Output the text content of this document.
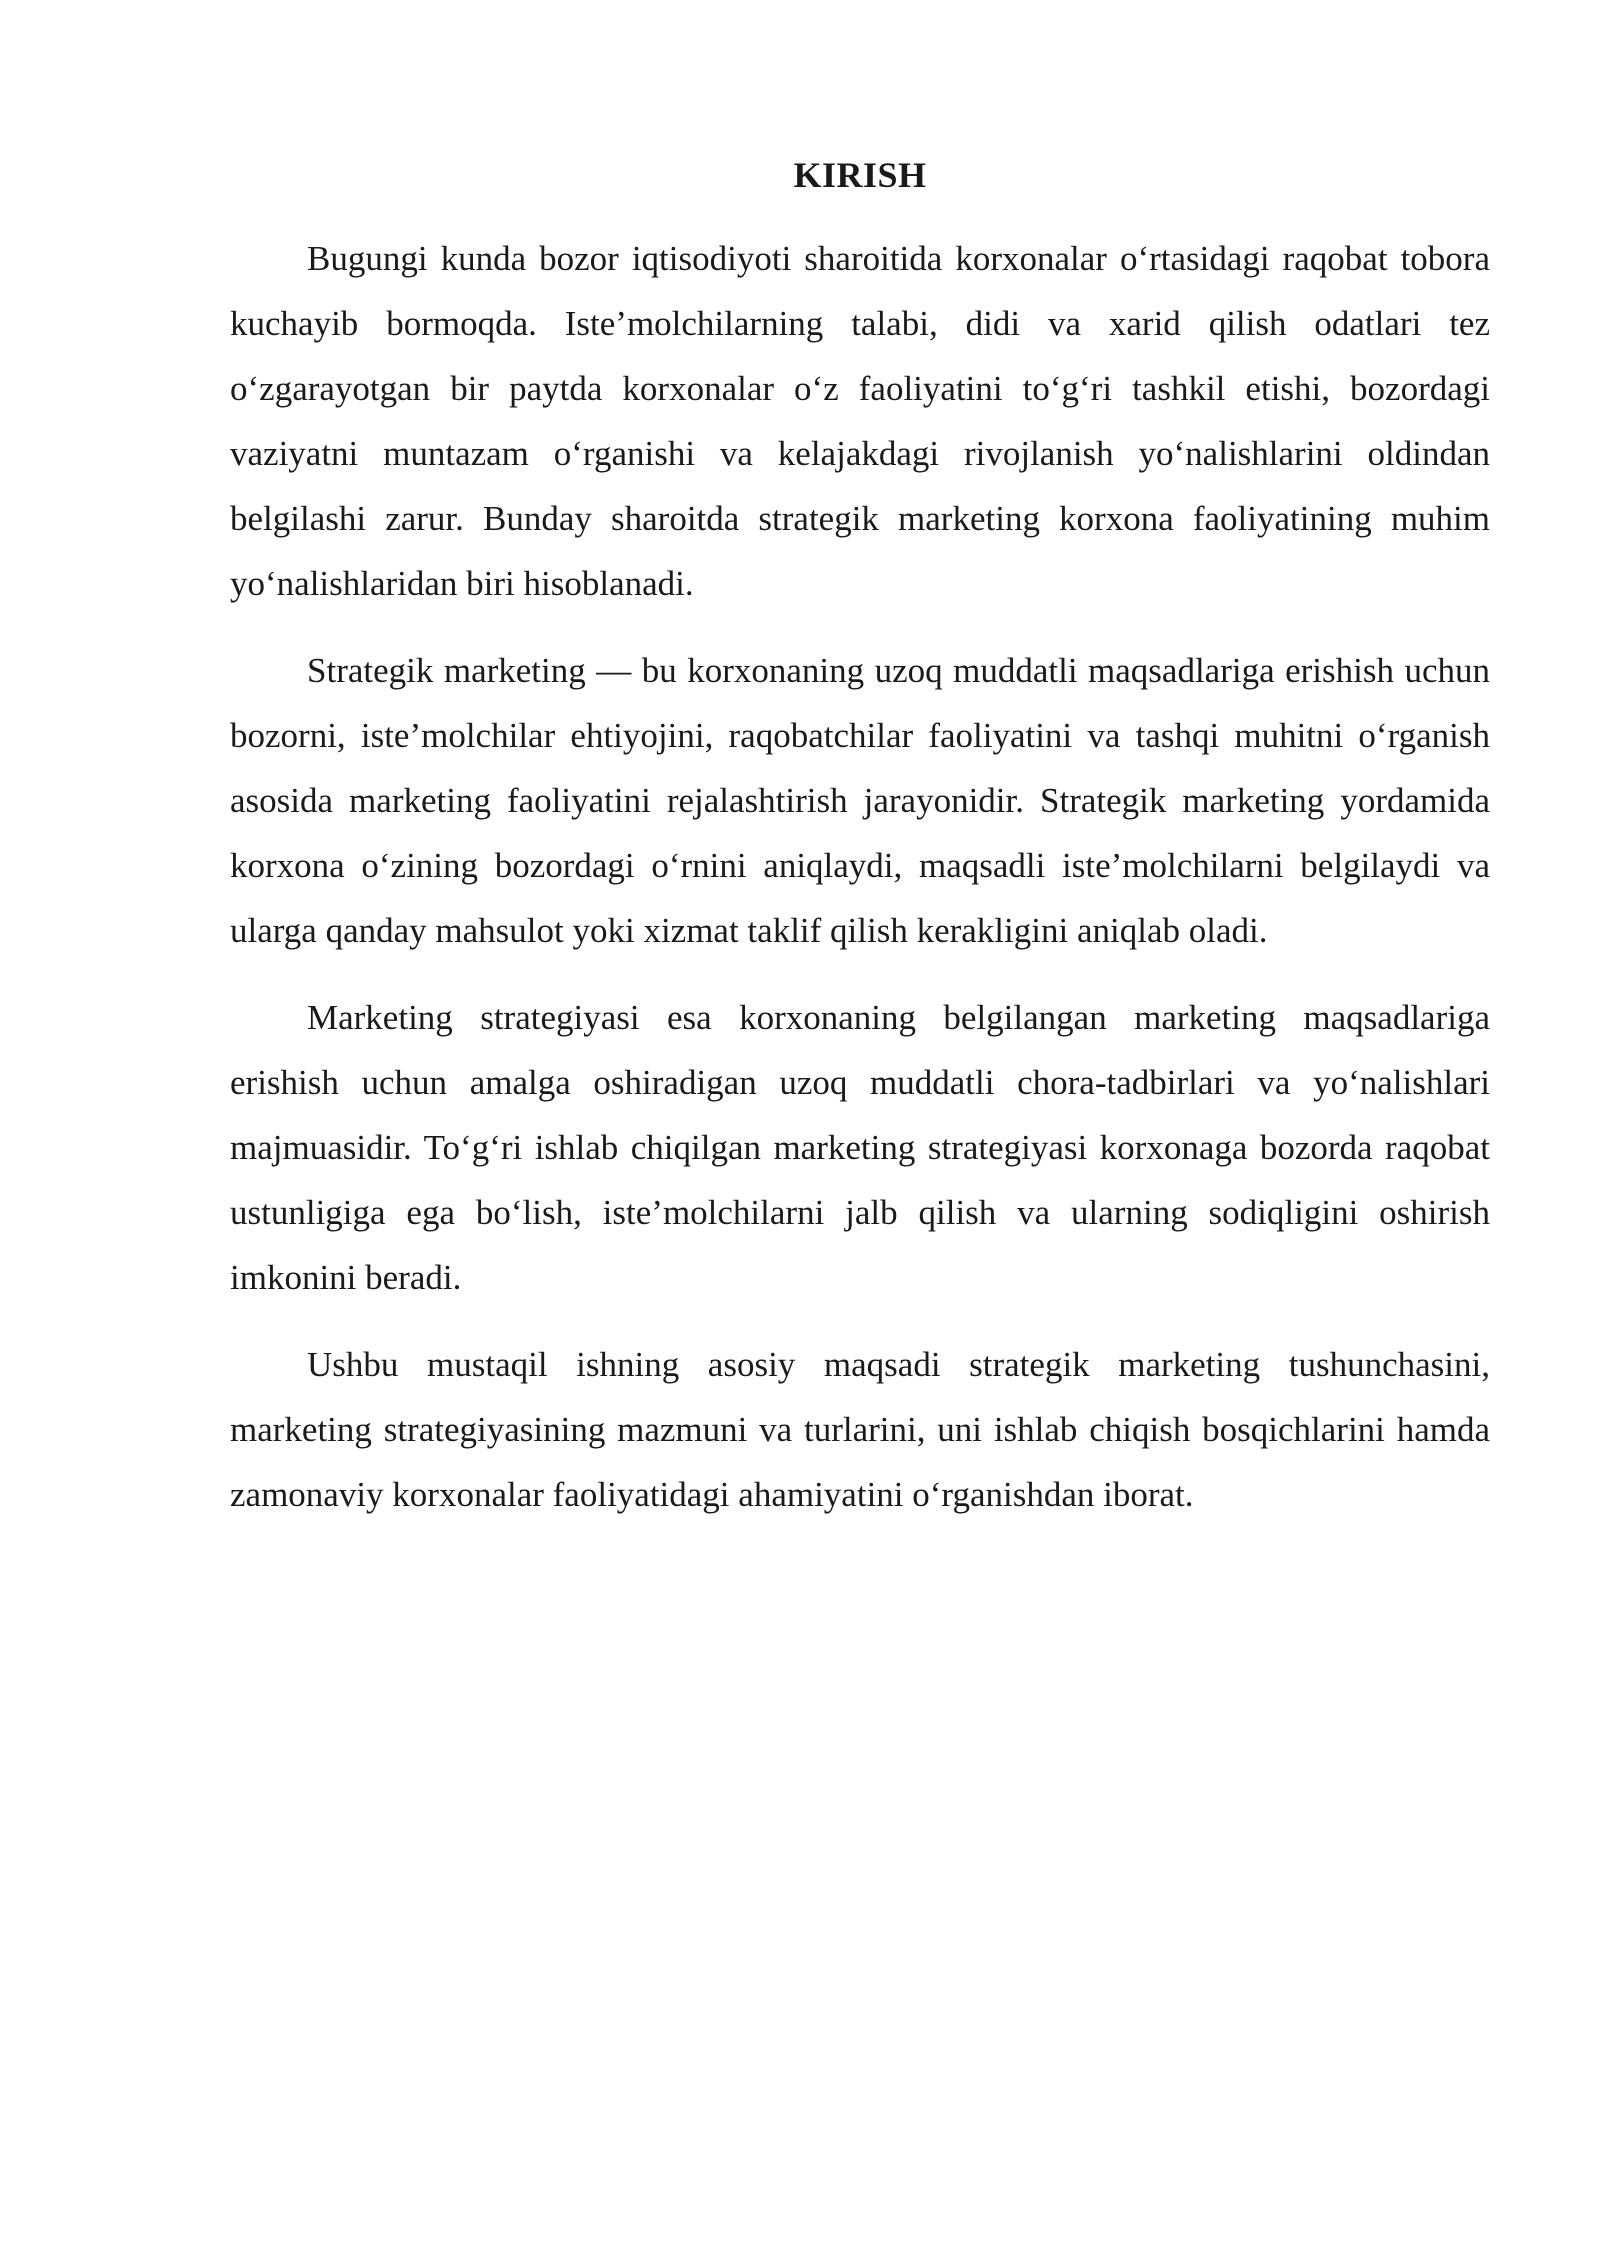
KIRISH

Bugungi kunda bozor iqtisodiyoti sharoitida korxonalar o‘rtasidagi raqobat tobora kuchayib bormoqda. Iste’molchilarning talabi, didi va xarid qilish odatlari tez o‘zgarayotgan bir paytda korxonalar o‘z faoliyatini to‘g‘ri tashkil etishi, bozordagi vaziyatni muntazam o‘rganishi va kelajakdagi rivojlanish yo‘nalishlarini oldindan belgilashi zarur. Bunday sharoitda strategik marketing korxona faoliyatining muhim yo‘nalishlaridan biri hisoblanadi.

Strategik marketing — bu korxonaning uzoq muddatli maqsadlariga erishish uchun bozorni, iste’molchilar ehtiyojini, raqobatchilar faoliyatini va tashqi muhitni o‘rganish asosida marketing faoliyatini rejalashtirish jarayonidir. Strategik marketing yordamida korxona o‘zining bozordagi o‘rnini aniqlaydi, maqsadli iste’molchilarni belgilaydi va ularga qanday mahsulot yoki xizmat taklif qilish kerakligini aniqlab oladi.

Marketing strategiyasi esa korxonaning belgilangan marketing maqsadlariga erishish uchun amalga oshiradigan uzoq muddatli chora-tadbirlari va yo‘nalishlari majmuasidir. To‘g‘ri ishlab chiqilgan marketing strategiyasi korxonaga bozorda raqobat ustunligiga ega bo‘lish, iste’molchilarni jalb qilish va ularning sodiqligini oshirish imkonini beradi.

Ushbu mustaqil ishning asosiy maqsadi strategik marketing tushunchasini, marketing strategiyasining mazmuni va turlarini, uni ishlab chiqish bosqichlarini hamda zamonaviy korxonalar faoliyatidagi ahamiyatini o‘rganishdan iborat.
